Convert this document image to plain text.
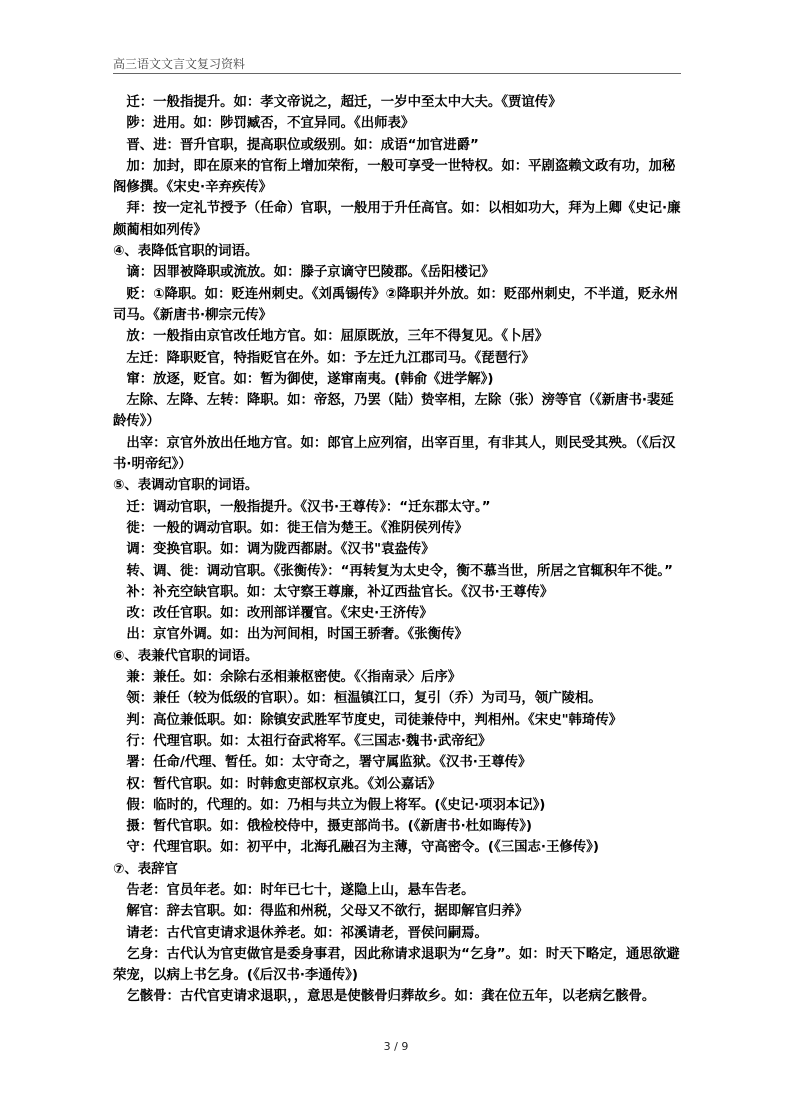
高三语文文言文复习资料

迁：一般指提升。如：孝文帝说之，超迁，一岁中至太中大夫。《贾谊传》

陟：进用。如：陟罚臧否，不宜异同。《出师表》

晋、进：晋升官职，提高职位或级别。如：成语“加官进爵”

加：加封，即在原来的官衔上增加荣衔，一般可享受一世特权。如：平剧盗赖文政有功，加秘阁修撰。《宋史·辛弃疾传》

拜：按一定礼节授予（任命）官职，一般用于升任高官。如：以相如功大，拜为上卿《史记·廉颇蔺相如列传》

④、表降低官职的词语。

谪：因罪被降职或流放。如：滕子京谪守巴陵郡。《岳阳楼记》

贬：①降职。如：贬连州刺史。《刘禹锡传》②降职并外放。如：贬邵州刺史，不半道，贬永州司马。《新唐书·柳宗元传》

放：一般指由京官改任地方官。如：屈原既放，三年不得复见。《卜居》

左迁：降职贬官，特指贬官在外。如：予左迁九江郡司马。《琵琶行》

窜：放逐，贬官。如：暂为御使，遂窜南夷。(韩俞《进学解》)

左除、左降、左转：降职。如：帝怒，乃罢（陆）贽宰相，左除（张）滂等官（《新唐书·裴延龄传》）

出宰：京官外放出任地方官。如：郎官上应列宿，出宰百里，有非其人，则民受其殃。（《后汉书·明帝纪》）

⑤、表调动官职的词语。

迁：调动官职，一般指提升。《汉书·王尊传》：“迁东郡太守。”

徙：一般的调动官职。如：徙王信为楚王。《淮阴侯列传》

调：变换官职。如：调为陇西都尉。《汉书"袁盎传》

转、调、徙：调动官职。《张衡传》：“再转复为太史令，衡不慕当世，所居之官辄积年不徙。”

补：补充空缺官职。如：太守察王尊廉，补辽西盐官长。《汉书·王尊传》

改：改任官职。如：改刑部详覆官。《宋史·王济传》

出：京官外调。如：出为河间相，时国王骄奢。《张衡传》

⑥、表兼代官职的词语。

兼：兼任。如：余除右丞相兼枢密使。《〈指南录〉后序》

领：兼任（较为低级的官职）。如：桓温镇江口，复引（乔）为司马，领广陵相。

判：高位兼低职。如：除镇安武胜军节度史，司徒兼侍中，判相州。《宋史"韩琦传》

行：代理官职。如：太祖行奋武将军。《三国志·魏书·武帝纪》

署：任命/代理、暂任。如：太守奇之，署守属监狱。《汉书·王尊传》

权：暂代官职。如：时韩愈吏部权京兆。《刘公嘉话》

假：临时的，代理的。如：乃相与共立为假上将军。(《史记·项羽本记》)

摄：暂代官职。如：俄检校侍中，摄吏部尚书。(《新唐书·杜如晦传》)

守：代理官职。如：初平中，北海孔融召为主薄，守高密令。(《三国志·王修传》)

⑦、表辞官

告老：官员年老。如：时年已七十，遂隐上山，悬车告老。

解官：辞去官职。如：得监和州税，父母又不欲行，据即解官归养》

请老：古代官吏请求退休养老。如：祁溪请老，晋侯问嗣焉。

乞身：古代认为官吏做官是委身事君，因此称请求退职为“乞身”。如：时天下略定，通思欲避荣宠，以病上书乞身。(《后汉书·李通传》)

乞骸骨：古代官吏请求退职，，意思是使骸骨归葬故乡。如：龚在位五年，以老病乞骸骨。

3 / 9
